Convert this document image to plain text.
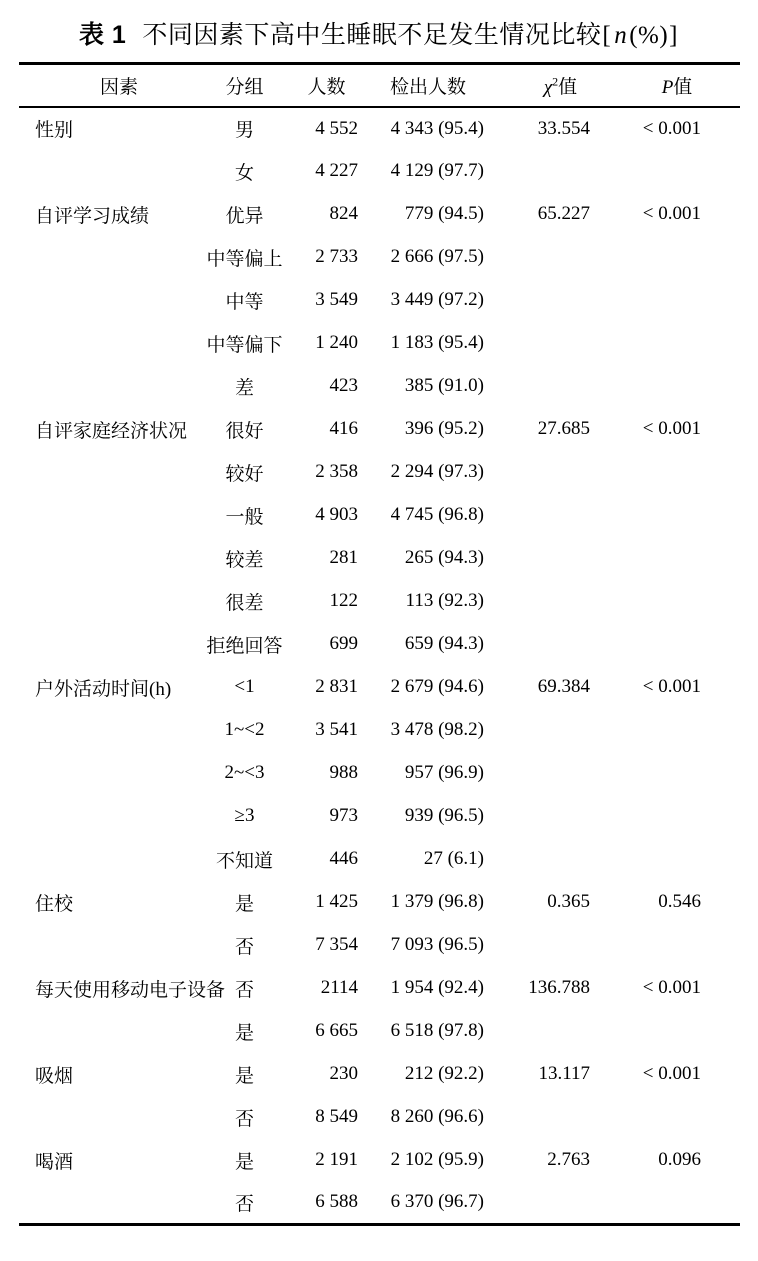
表 1 不同因素下高中生睡眠不足发生情况比较[ n(%)]
因素	分组	人数	检出人数	$\chi^2$值	P值
性别	男	4 552	4 343 (95.4)	33.554	< 0.001
	女	4 227	4 129 (97.7)		
自评学习成绩	优异	824	779 (94.5)	65.227	< 0.001
	中等偏上	2 733	2 666 (97.5)		
	中等	3 549	3 449 (97.2)		
	中等偏下	1 240	1 183 (95.4)		
	差	423	385 (91.0)		
自评家庭经济状况	很好	416	396 (95.2)	27.685	< 0.001
	较好	2 358	2 294 (97.3)		
	一般	4 903	4 745 (96.8)		
	较差	281	265 (94.3)		
	很差	122	113 (92.3)		
	拒绝回答	699	659 (94.3)		
户外活动时间(h)	<1	2 831	2 679 (94.6)	69.384	< 0.001
	1~<2	3 541	3 478 (98.2)		
	2~<3	988	957 (96.9)		
	≥3	973	939 (96.5)		
	不知道	446	27 (6.1)		
住校	是	1 425	1 379 (96.8)	0.365	0.546
	否	7 354	7 093 (96.5)		
每天使用移动电子设备	否	2114	1 954 (92.4)	136.788	< 0.001
	是	6 665	6 518 (97.8)		
吸烟	是	230	212 (92.2)	13.117	< 0.001
	否	8 549	8 260 (96.6)		
喝酒	是	2 191	2 102 (95.9)	2.763	0.096
	否	6 588	6 370 (96.7)		
